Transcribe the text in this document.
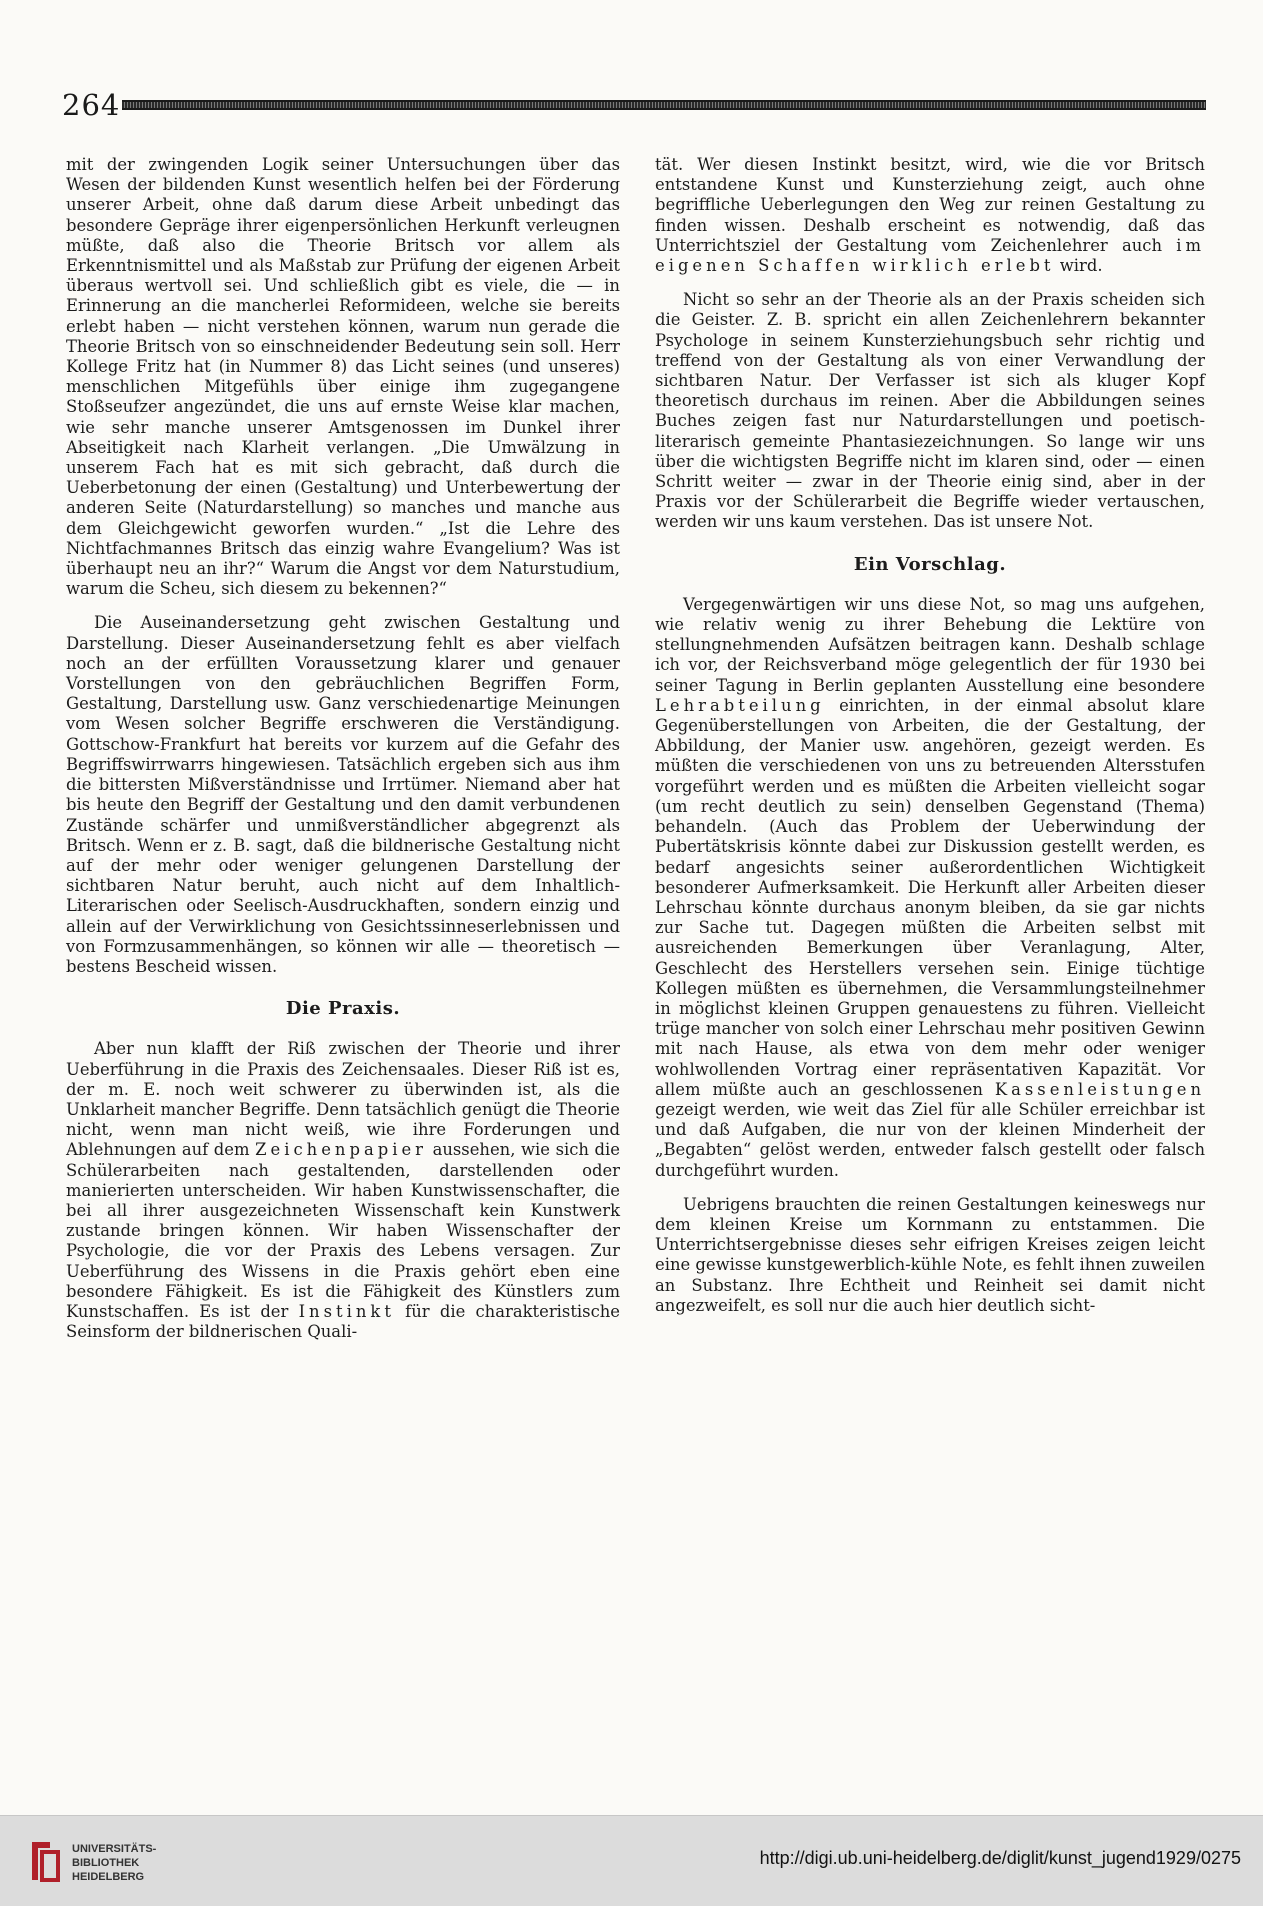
264

mit der zwingenden Logik seiner Untersuchungen über das Wesen der bildenden Kunst wesentlich helfen bei der Förderung unserer Arbeit, ohne daß darum diese Arbeit unbedingt das besondere Gepräge ihrer eigenpersönlichen Herkunft verleugnen müßte, daß also die Theorie Britsch vor allem als Erkenntnismittel und als Maßstab zur Prüfung der eigenen Arbeit überaus wertvoll sei. Und schließlich gibt es viele, die — in Erinnerung an die mancherlei Reformideen, welche sie bereits erlebt haben — nicht verstehen können, warum nun gerade die Theorie Britsch von so einschneidender Bedeutung sein soll. Herr Kollege Fritz hat (in Nummer 8) das Licht seines (und unseres) menschlichen Mitgefühls über einige ihm zugegangene Stoßseufzer angezündet, die uns auf ernste Weise klar machen, wie sehr manche unserer Amtsgenossen im Dunkel ihrer Abseitigkeit nach Klarheit verlangen. „Die Umwälzung in unserem Fach hat es mit sich gebracht, daß durch die Ueberbetonung der einen (Gestaltung) und Unterbewertung der anderen Seite (Naturdarstellung) so manches und manche aus dem Gleichgewicht geworfen wurden.“ „Ist die Lehre des Nichtfachmannes Britsch das einzig wahre Evangelium? Was ist überhaupt neu an ihr?“ Warum die Angst vor dem Naturstudium, warum die Scheu, sich diesem zu bekennen?“

Die Auseinandersetzung geht zwischen Gestaltung und Darstellung. Dieser Auseinandersetzung fehlt es aber vielfach noch an der erfüllten Voraussetzung klarer und genauer Vorstellungen von den gebräuchlichen Begriffen Form, Gestaltung, Darstellung usw. Ganz verschiedenartige Meinungen vom Wesen solcher Begriffe erschweren die Verständigung. Gottschow-Frankfurt hat bereits vor kurzem auf die Gefahr des Begriffswirrwarrs hingewiesen. Tatsächlich ergeben sich aus ihm die bittersten Mißverständnisse und Irrtümer. Niemand aber hat bis heute den Begriff der Gestaltung und den damit verbundenen Zustände schärfer und unmißverständlicher abgegrenzt als Britsch. Wenn er z. B. sagt, daß die bildnerische Gestaltung nicht auf der mehr oder weniger gelungenen Darstellung der sichtbaren Natur beruht, auch nicht auf dem Inhaltlich-Literarischen oder Seelisch-Ausdruckhaften, sondern einzig und allein auf der Verwirklichung von Gesichtssinneserlebnissen und von Formzusammenhängen, so können wir alle — theoretisch — bestens Bescheid wissen.

Die Praxis.

Aber nun klafft der Riß zwischen der Theorie und ihrer Ueberführung in die Praxis des Zeichensaales. Dieser Riß ist es, der m. E. noch weit schwerer zu überwinden ist, als die Unklarheit mancher Begriffe. Denn tatsächlich genügt die Theorie nicht, wenn man nicht weiß, wie ihre Forderungen und Ablehnungen auf dem Zeichenpapier aussehen, wie sich die Schülerarbeiten nach gestaltenden, darstellenden oder manierierten unterscheiden. Wir haben Kunstwissenschafter, die bei all ihrer ausgezeichneten Wissenschaft kein Kunstwerk zustande bringen können. Wir haben Wissenschafter der Psychologie, die vor der Praxis des Lebens versagen. Zur Ueberführung des Wissens in die Praxis gehört eben eine besondere Fähigkeit. Es ist die Fähigkeit des Künstlers zum Kunstschaffen. Es ist der Instinkt für die charakteristische Seinsform der bildnerischen Quali-

tät. Wer diesen Instinkt besitzt, wird, wie die vor Britsch entstandene Kunst und Kunsterziehung zeigt, auch ohne begriffliche Ueberlegungen den Weg zur reinen Gestaltung zu finden wissen. Deshalb erscheint es notwendig, daß das Unterrichtsziel der Gestaltung vom Zeichenlehrer auch im eigenen Schaffen wirklich erlebt wird.

Nicht so sehr an der Theorie als an der Praxis scheiden sich die Geister. Z. B. spricht ein allen Zeichenlehrern bekannter Psychologe in seinem Kunsterziehungsbuch sehr richtig und treffend von der Gestaltung als von einer Verwandlung der sichtbaren Natur. Der Verfasser ist sich als kluger Kopf theoretisch durchaus im reinen. Aber die Abbildungen seines Buches zeigen fast nur Naturdarstellungen und poetisch-literarisch gemeinte Phantasiezeichnungen. So lange wir uns über die wichtigsten Begriffe nicht im klaren sind, oder — einen Schritt weiter — zwar in der Theorie einig sind, aber in der Praxis vor der Schülerarbeit die Begriffe wieder vertauschen, werden wir uns kaum verstehen. Das ist unsere Not.

Ein Vorschlag.

Vergegenwärtigen wir uns diese Not, so mag uns aufgehen, wie relativ wenig zu ihrer Behebung die Lektüre von stellungnehmenden Aufsätzen beitragen kann. Deshalb schlage ich vor, der Reichsverband möge gelegentlich der für 1930 bei seiner Tagung in Berlin geplanten Ausstellung eine besondere Lehrabteilung einrichten, in der einmal absolut klare Gegenüberstellungen von Arbeiten, die der Gestaltung, der Abbildung, der Manier usw. angehören, gezeigt werden. Es müßten die verschiedenen von uns zu betreuenden Altersstufen vorgeführt werden und es müßten die Arbeiten vielleicht sogar (um recht deutlich zu sein) denselben Gegenstand (Thema) behandeln. (Auch das Problem der Ueberwindung der Pubertätskrisis könnte dabei zur Diskussion gestellt werden, es bedarf angesichts seiner außerordentlichen Wichtigkeit besonderer Aufmerksamkeit. Die Herkunft aller Arbeiten dieser Lehrschau könnte durchaus anonym bleiben, da sie gar nichts zur Sache tut. Dagegen müßten die Arbeiten selbst mit ausreichenden Bemerkungen über Veranlagung, Alter, Geschlecht des Herstellers versehen sein. Einige tüchtige Kollegen müßten es übernehmen, die Versammlungsteilnehmer in möglichst kleinen Gruppen genauestens zu führen. Vielleicht trüge mancher von solch einer Lehrschau mehr positiven Gewinn mit nach Hause, als etwa von dem mehr oder weniger wohlwollenden Vortrag einer repräsentativen Kapazität. Vor allem müßte auch an geschlossenen Kassenleistungen gezeigt werden, wie weit das Ziel für alle Schüler erreichbar ist und daß Aufgaben, die nur von der kleinen Minderheit der „Begabten“ gelöst werden, entweder falsch gestellt oder falsch durchgeführt wurden.

Uebrigens brauchten die reinen Gestaltungen keineswegs nur dem kleinen Kreise um Kornmann zu entstammen. Die Unterrichtsergebnisse dieses sehr eifrigen Kreises zeigen leicht eine gewisse kunstgewerblich-kühle Note, es fehlt ihnen zuweilen an Substanz. Ihre Echtheit und Reinheit sei damit nicht angezweifelt, es soll nur die auch hier deutlich sicht-

UNIVERSITÄTS-
BIBLIOTHEK
HEIDELBERG
http://digi.ub.uni-heidelberg.de/diglit/kunst_jugend1929/0275
